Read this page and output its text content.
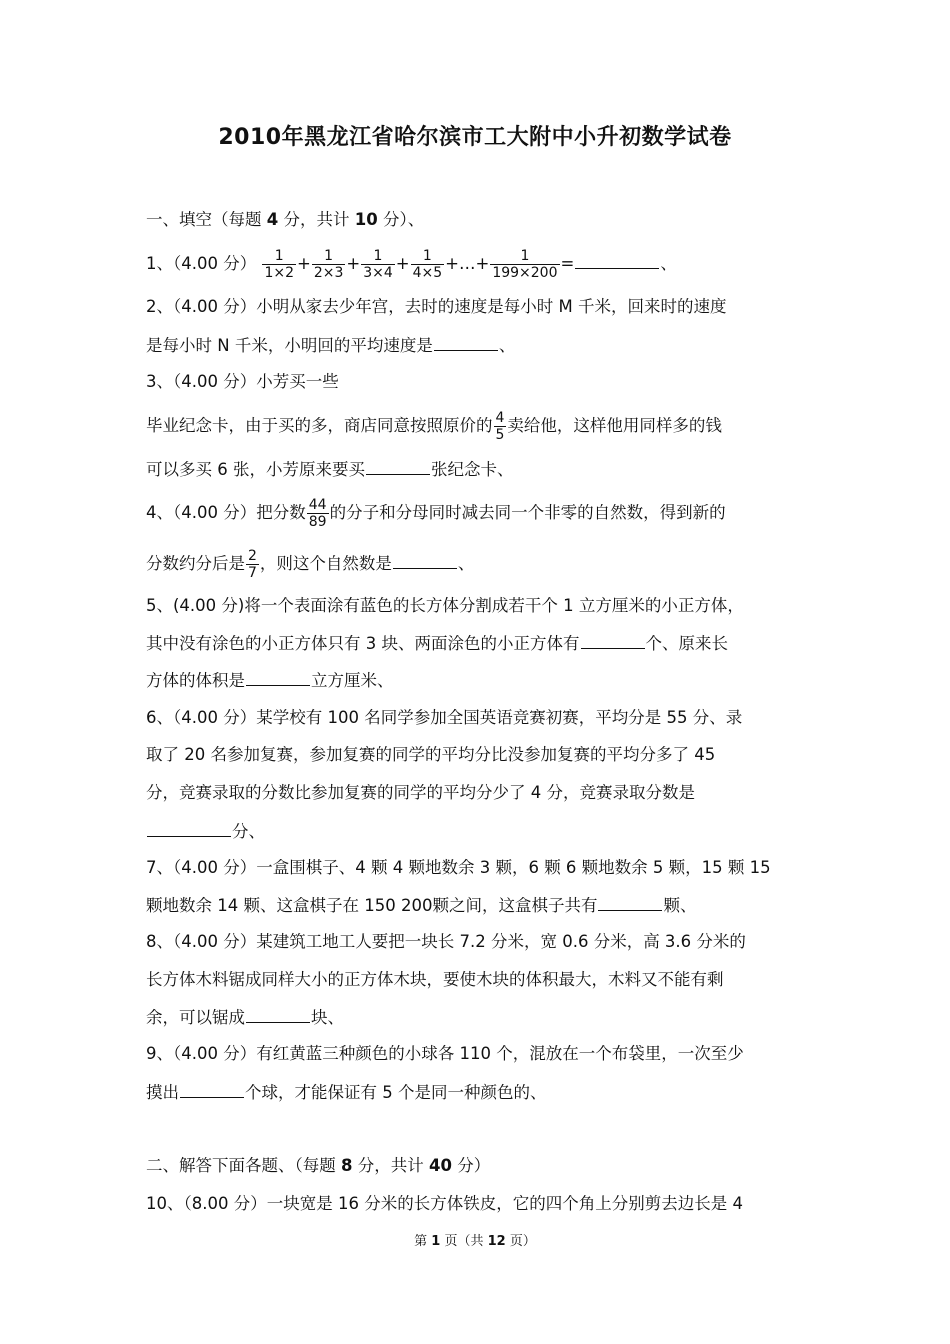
2010年黑龙江省哈尔滨市工大附中小升初数学试卷
一、填空（每题 4 分，共计 10 分）、
1、（4.00 分） $\frac{1}{1\times 2} + \frac{1}{2\times 3} + \frac{1}{3\times 4} + \frac{1}{4\times 5}$ +…+ $\frac{1}{199\times 200}$ =	、
2、（4.00 分）小明从家去少年宫，去时的速度是每小时 M 千米，回来时的速度
是每小时 N 千米，小明回的平均速度是	、
3、（4.00 分）小芳买一些
毕业纪念卡，由于买的多，商店同意按照原价的 $\frac{4}{5}$ 卖给他，这样他用同样多的钱
可以多买 6 张，小芳原来要买	张纪念卡、
4、（4.00 分）把分数 $\frac{44}{89}$ 的分子和分母同时减去同一个非零的自然数，得到新的
分数约分后是 $\frac{2}{7}$ ，则这个自然数是	、
5、(4.00 分)将一个表面涂有蓝色的长方体分割成若干个 1 立方厘米的小正方体，
其中没有涂色的小正方体只有 3 块、两面涂色的小正方体有	个、原来长
方体的体积是	立方厘米、
6、（4.00 分）某学校有 100 名同学参加全国英语竞赛初赛，平均分是 55 分、录
取了 20 名参加复赛，参加复赛的同学的平均分比没参加复赛的平均分多了 45
分，竞赛录取的分数比参加复赛的同学的平均分少了 4 分，竞赛录取分数是
分、
7、（4.00 分）一盒围棋子、4 颗 4 颗地数余 3 颗，6 颗 6 颗地数余 5 颗，15 颗 15
颗地数余 14 颗、这盒棋子在 150 200颗之间，这盒棋子共有	颗、
8、（4.00 分）某建筑工地工人要把一块长 7.2 分米，宽 0.6 分米，高 3.6 分米的
长方体木料锯成同样大小的正方体木块，要使木块的体积最大，木料又不能有剩
余，可以锯成	块、
9、（4.00 分）有红黄蓝三种颜色的小球各 110 个，混放在一个布袋里，一次至少
摸出	个球，才能保证有 5 个是同一种颜色的、
二、解答下面各题、（每题 8 分，共计 40 分）
10、（8.00 分）一块宽是 16 分米的长方体铁皮，它的四个角上分别剪去边长是 4
第 1 页（共 12 页）
